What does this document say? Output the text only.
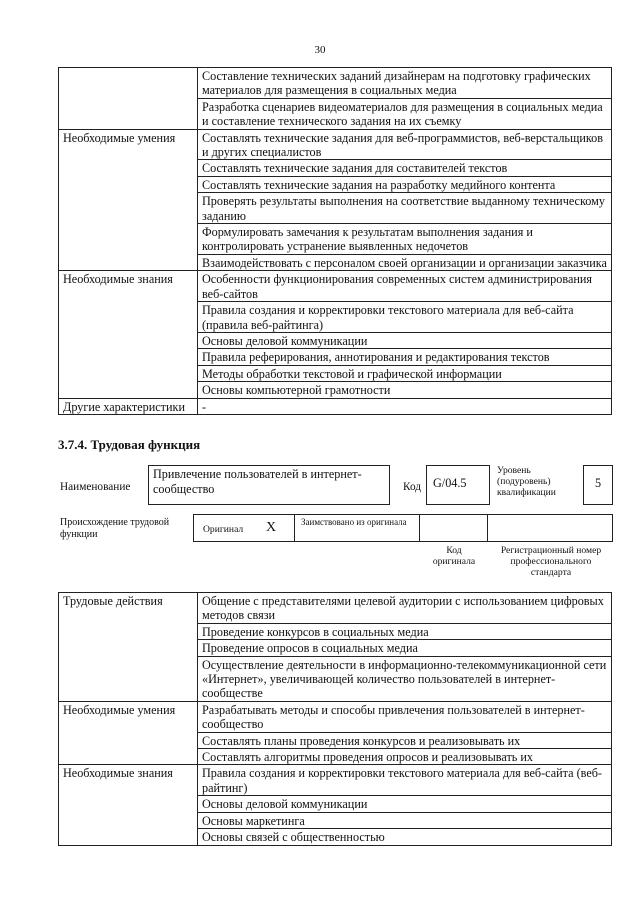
30
	Составление технических заданий дизайнерам на подготовку графических материалов для размещения в социальных медиа
	Разработка сценариев видеоматериалов для размещения в социальных медиа и составление технического задания на их съемку
Необходимые умения	Составлять технические задания для веб-программистов, веб-верстальщиков и других специалистов
	Составлять технические задания для составителей текстов
	Составлять технические задания на разработку медийного контента
	Проверять результаты выполнения на соответствие выданному техническому заданию
	Формулировать замечания к результатам выполнения задания и контролировать устранение выявленных недочетов
	Взаимодействовать с персоналом своей организации и организации заказчика
Необходимые знания	Особенности функционирования современных систем администрирования веб-сайтов
	Правила создания и корректировки текстового материала для веб-сайта (правила веб-райтинга)
	Основы деловой коммуникации
	Правила реферирования, аннотирования и редактирования текстов
	Методы обработки текстовой и графической информации
	Основы компьютерной грамотности
Другие характеристики	-
3.7.4. Трудовая функция
Наименование
Привлечение пользователей в интернет-сообщество	Код G/04.5
Уровень (подуровень) квалификации
5
Происхождение трудовой функции	Оригинал X	Заимствовано из оригинала
Код оригинала
Регистрационный номер профессионального стандарта
Трудовые действия	Общение с представителями целевой аудитории с использованием цифровых методов связи
	Проведение конкурсов в социальных медиа
	Проведение опросов в социальных медиа
	Осуществление деятельности в информационно-телекоммуникационной сети «Интернет», увеличивающей количество пользователей в интернет-сообществе
Необходимые умения	Разрабатывать методы и способы привлечения пользователей в интернет-сообщество
	Составлять планы проведения конкурсов и реализовывать их
	Составлять алгоритмы проведения опросов и реализовывать их
Необходимые знания	Правила создания и корректировки текстового материала для веб-сайта (веб-райтинг)
	Основы деловой коммуникации
	Основы маркетинга
	Основы связей с общественностью
